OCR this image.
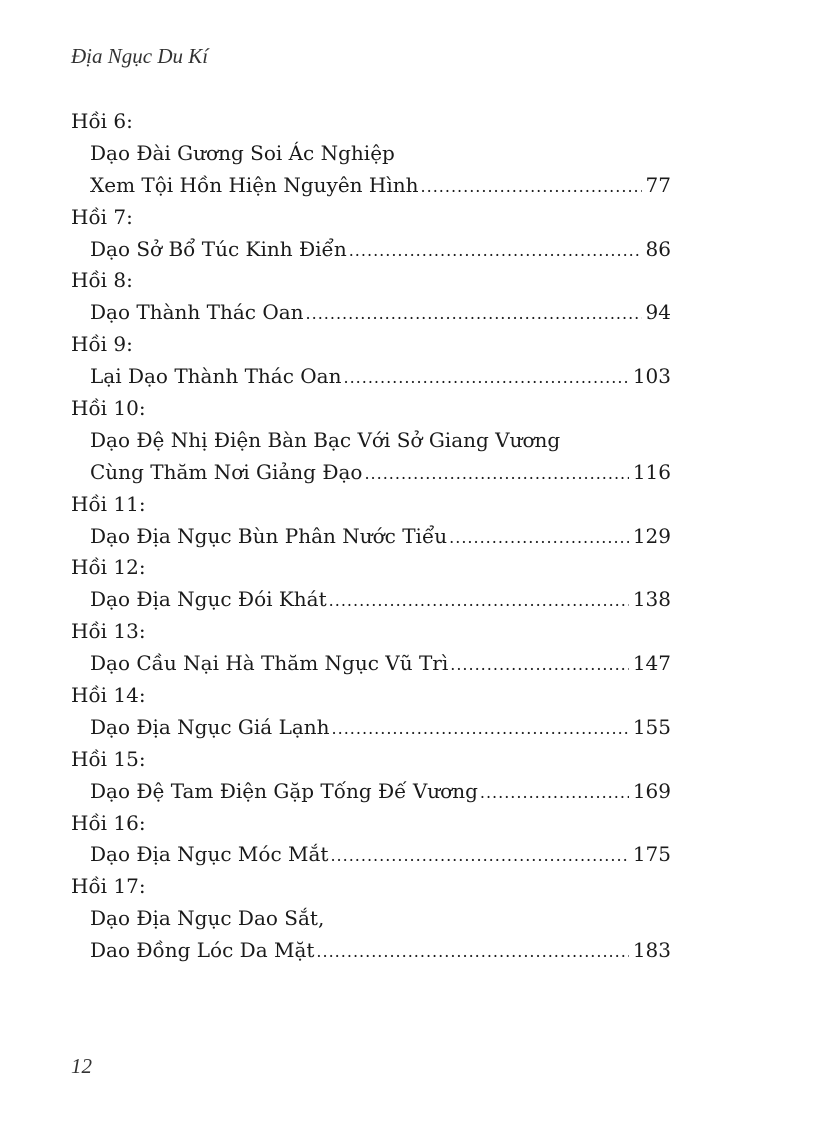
Địa Ngục Du Kí
Hồi 6:
Dạo Đài Gương Soi Ác Nghiệp
Xem Tội Hồn Hiện Nguyên Hình .....	77
Hồi 7:
Dạo Sở Bổ Túc Kinh Điển .....	86
Hồi 8:
Dạo Thành Thác Oan .....	94
Hồi 9:
Lại Dạo Thành Thác Oan .....	103
Hồi 10:
Dạo Đệ Nhị Điện Bàn Bạc Với Sở Giang Vương
Cùng Thăm Nơi Giảng Đạo .....	116
Hồi 11:
Dạo Địa Ngục Bùn Phân Nước Tiểu .....	129
Hồi 12:
Dạo Địa Ngục Đói Khát .....	138
Hồi 13:
Dạo Cầu Nại Hà Thăm Ngục Vũ Trì .....	147
Hồi 14:
Dạo Địa Ngục Giá Lạnh .....	155
Hồi 15:
Dạo Đệ Tam Điện Gặp Tống Đế Vương .....	169
Hồi 16:
Dạo Địa Ngục Móc Mắt .....	175
Hồi 17:
Dạo Địa Ngục Dao Sắt,
Dao Đồng Lóc Da Mặt .....	183
12
